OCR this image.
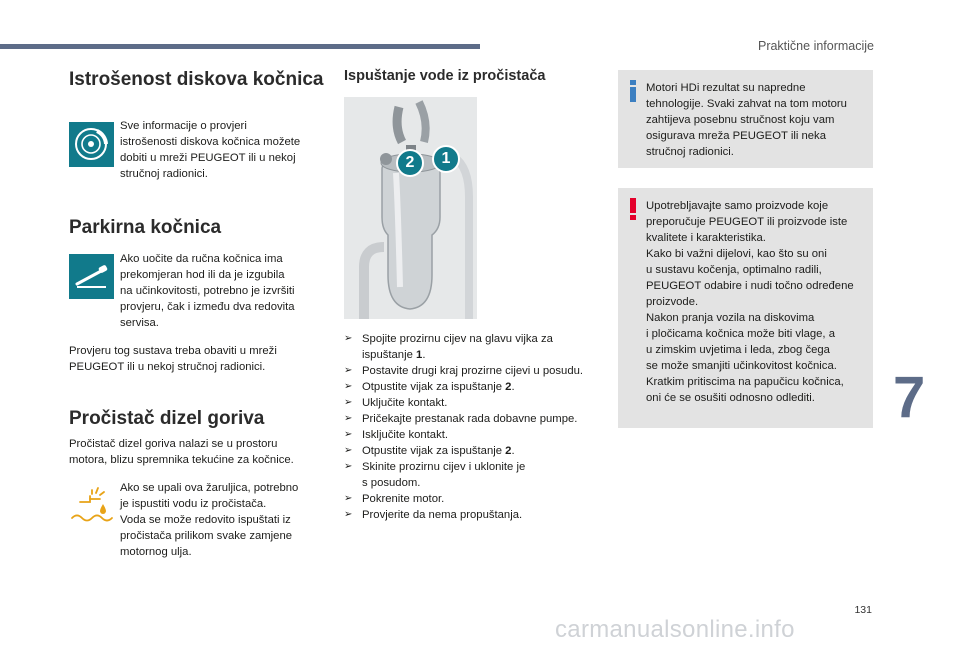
Praktične informacije
7
131
carmanualsonline.info
Istrošenost diskova kočnica
Sve informacije o provjeri
istrošenosti diskova kočnica možete
dobiti u mreži PEUGEOT ili u nekoj
stručnoj radionici.
Parkirna kočnica
Ako uočite da ručna kočnica ima
prekomjeran hod ili da je izgubila
na učinkovitosti, potrebno je izvršiti
provjeru, čak i između dva redovita
servisa.
Provjeru tog sustava treba obaviti u mreži
PEUGEOT ili u nekoj stručnoj radionici.
Pročistač dizel goriva
Pročistač dizel goriva nalazi se u prostoru
motora, blizu spremnika tekućine za kočnice.
Ako se upali ova žaruljica, potrebno
je ispustiti vodu iz pročistača.
Voda se može redovito ispuštati iz
pročistača prilikom svake zamjene
motornog ulja.
Ispuštanje vode iz pročistača
2	1
➢ Spojite prozirnu cijev na glavu vijka za
ispuštanje 1.
➢ Postavite drugi kraj prozirne cijevi u posudu.
➢ Otpustite vijak za ispuštanje 2.
➢ Uključite kontakt.
➢ Pričekajte prestanak rada dobavne pumpe.
➢ Isključite kontakt.
➢ Otpustite vijak za ispuštanje 2.
➢ Skinite prozirnu cijev i uklonite je
s posudom.
➢ Pokrenite motor.
➢ Provjerite da nema propuštanja.
Motori HDi rezultat su napredne
tehnologije. Svaki zahvat na tom motoru
zahtijeva posebnu stručnost koju vam
osigurava mreža PEUGEOT ili neka
stručnoj radionici.
Upotrebljavajte samo proizvode koje
preporučuje PEUGEOT ili proizvode iste
kvalitete i karakteristika.
Kako bi važni dijelovi, kao što su oni
u sustavu kočenja, optimalno radili,
PEUGEOT odabire i nudi točno određene
proizvode.
Nakon pranja vozila na diskovima
i pločicama kočnica može biti vlage, a
u zimskim uvjetima i leda, zbog čega
se može smanjiti učinkovitost kočnica.
Kratkim pritiscima na papučicu kočnica,
oni će se osušiti odnosno odlediti.
